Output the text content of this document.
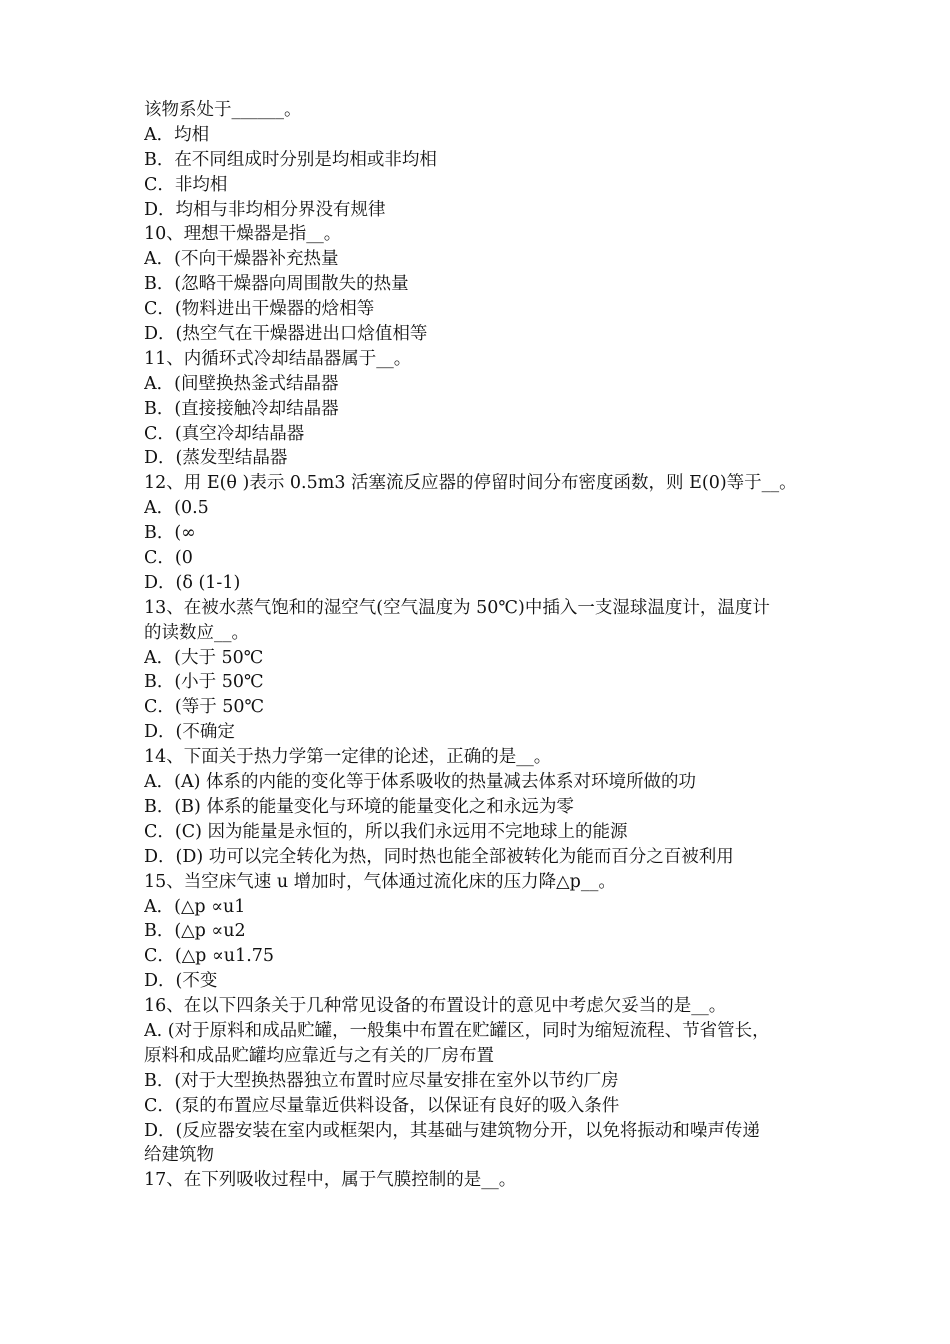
该物系处于______。
A．均相
B．在不同组成时分别是均相或非均相
C．非均相
D．均相与非均相分界没有规律
10、理想干燥器是指__。
A．(不向干燥器补充热量
B．(忽略干燥器向周围散失的热量
C．(物料进出干燥器的焓相等
D．(热空气在干燥器进出口焓值相等
11、内循环式冷却结晶器属于__。
A．(间壁换热釜式结晶器
B．(直接接触冷却结晶器
C．(真空冷却结晶器
D．(蒸发型结晶器
12、用 E(θ )表示 0.5m3 活塞流反应器的停留时间分布密度函数，则 E(0)等于__。
A．(0.5
B．(∞
C．(0
D．(δ (1-1)
13、在被水蒸气饱和的湿空气(空气温度为 50℃)中插入一支湿球温度计，温度计
的读数应__。
A．(大于 50℃
B．(小于 50℃
C．(等于 50℃
D．(不确定
14、下面关于热力学第一定律的论述，正确的是__。
A．(A) 体系的内能的变化等于体系吸收的热量减去体系对环境所做的功
B．(B) 体系的能量变化与环境的能量变化之和永远为零
C．(C) 因为能量是永恒的，所以我们永远用不完地球上的能源
D．(D) 功可以完全转化为热，同时热也能全部被转化为能而百分之百被利用
15、当空床气速 u 增加时，气体通过流化床的压力降△p__。
A．(△p ∝u1
B．(△p ∝u2
C．(△p ∝u1.75
D．(不变
16、在以下四条关于几种常见设备的布置设计的意见中考虑欠妥当的是__。
A. (对于原料和成品贮罐，一般集中布置在贮罐区，同时为缩短流程、节省管长，
原料和成品贮罐均应靠近与之有关的厂房布置
B．(对于大型换热器独立布置时应尽量安排在室外以节约厂房
C．(泵的布置应尽量靠近供料设备，以保证有良好的吸入条件
D．(反应器安装在室内或框架内，其基础与建筑物分开，以免将振动和噪声传递
给建筑物
17、在下列吸收过程中，属于气膜控制的是__。
